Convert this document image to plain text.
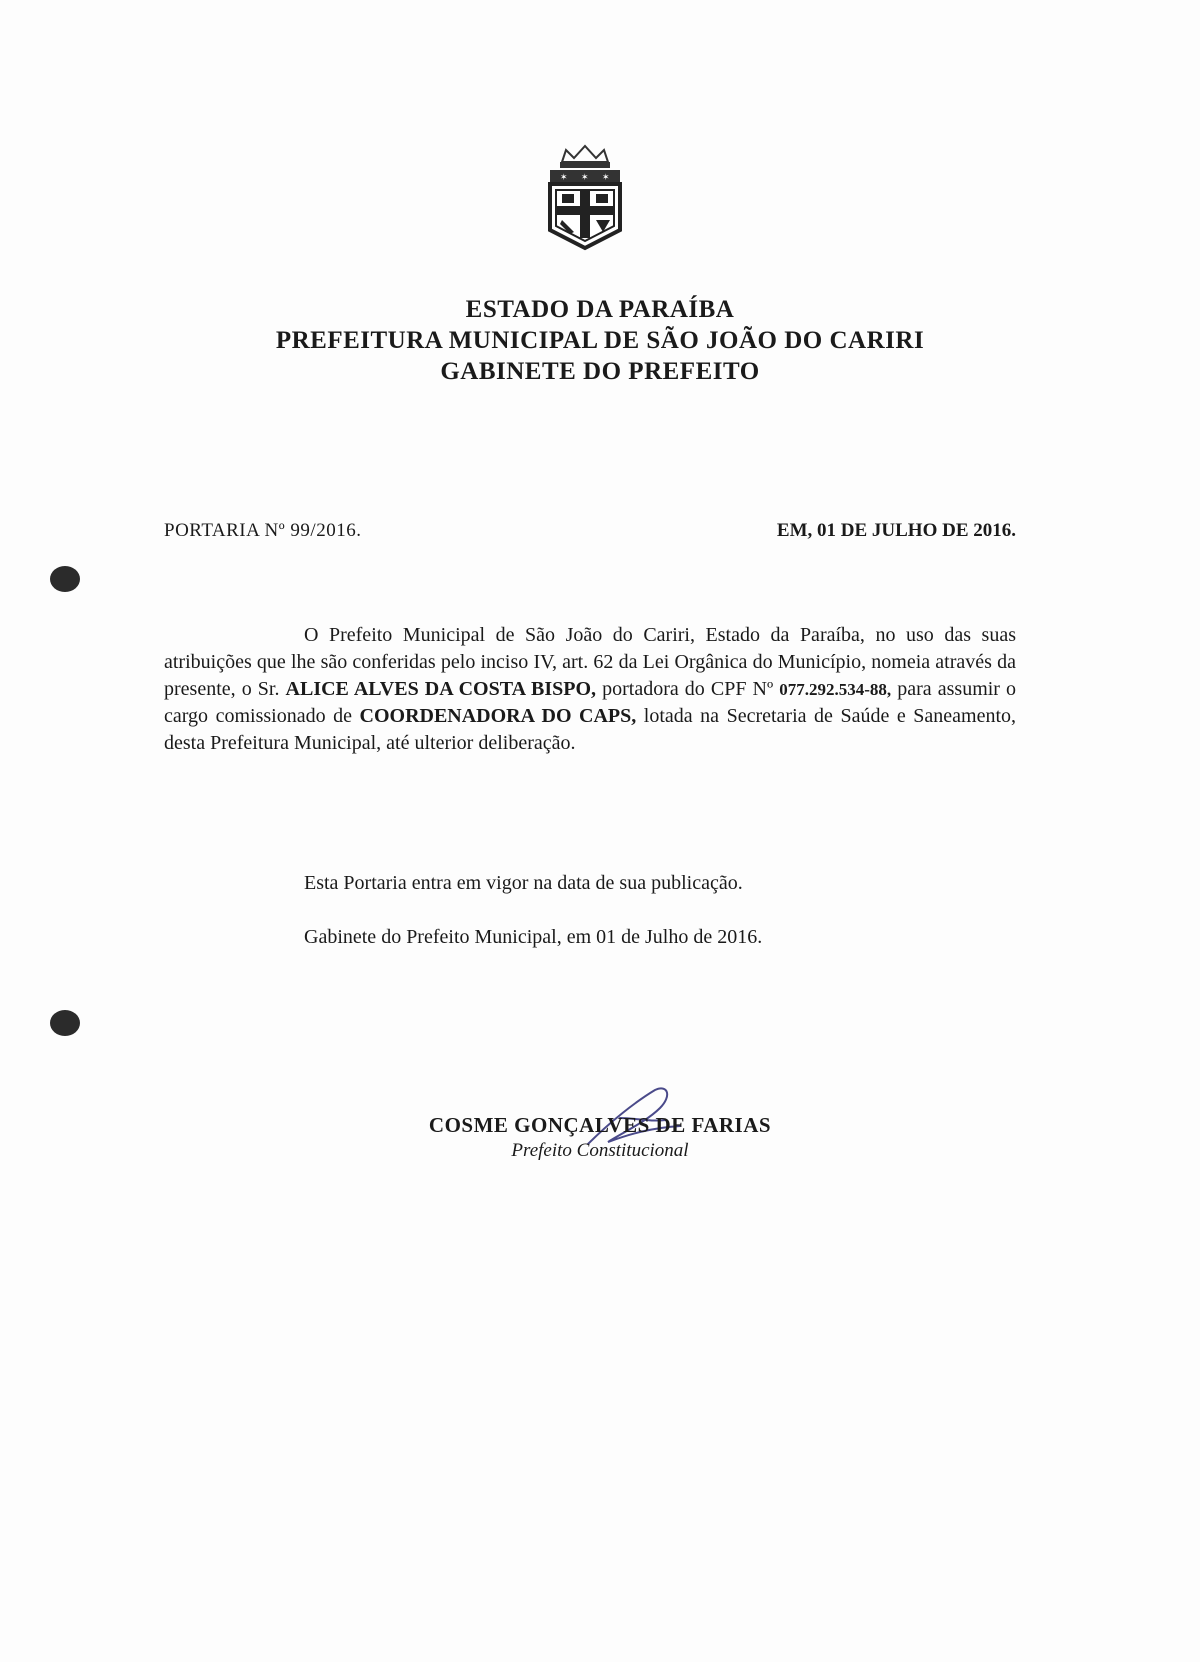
✶ ✶ ✶
ESTADO DA PARAÍBA
PREFEITURA MUNICIPAL DE SÃO JOÃO DO CARIRI
GABINETE DO PREFEITO
PORTARIA Nº 99/2016.	EM, 01 DE JULHO DE 2016.
O Prefeito Municipal de São João do Cariri, Estado da Paraíba, no uso das suas atribuições que lhe são conferidas pelo inciso IV, art. 62 da Lei Orgânica do Município, nomeia através da presente, o Sr. ALICE ALVES DA COSTA BISPO, portadora do CPF Nº 077.292.534-88, para assumir o cargo comissionado de COORDENADORA DO CAPS, lotada na Secretaria de Saúde e Saneamento, desta Prefeitura Municipal, até ulterior deliberação.
Esta Portaria entra em vigor na data de sua publicação.
Gabinete do Prefeito Municipal, em 01 de Julho de 2016.
COSME GONÇALVES DE FARIAS
Prefeito Constitucional
